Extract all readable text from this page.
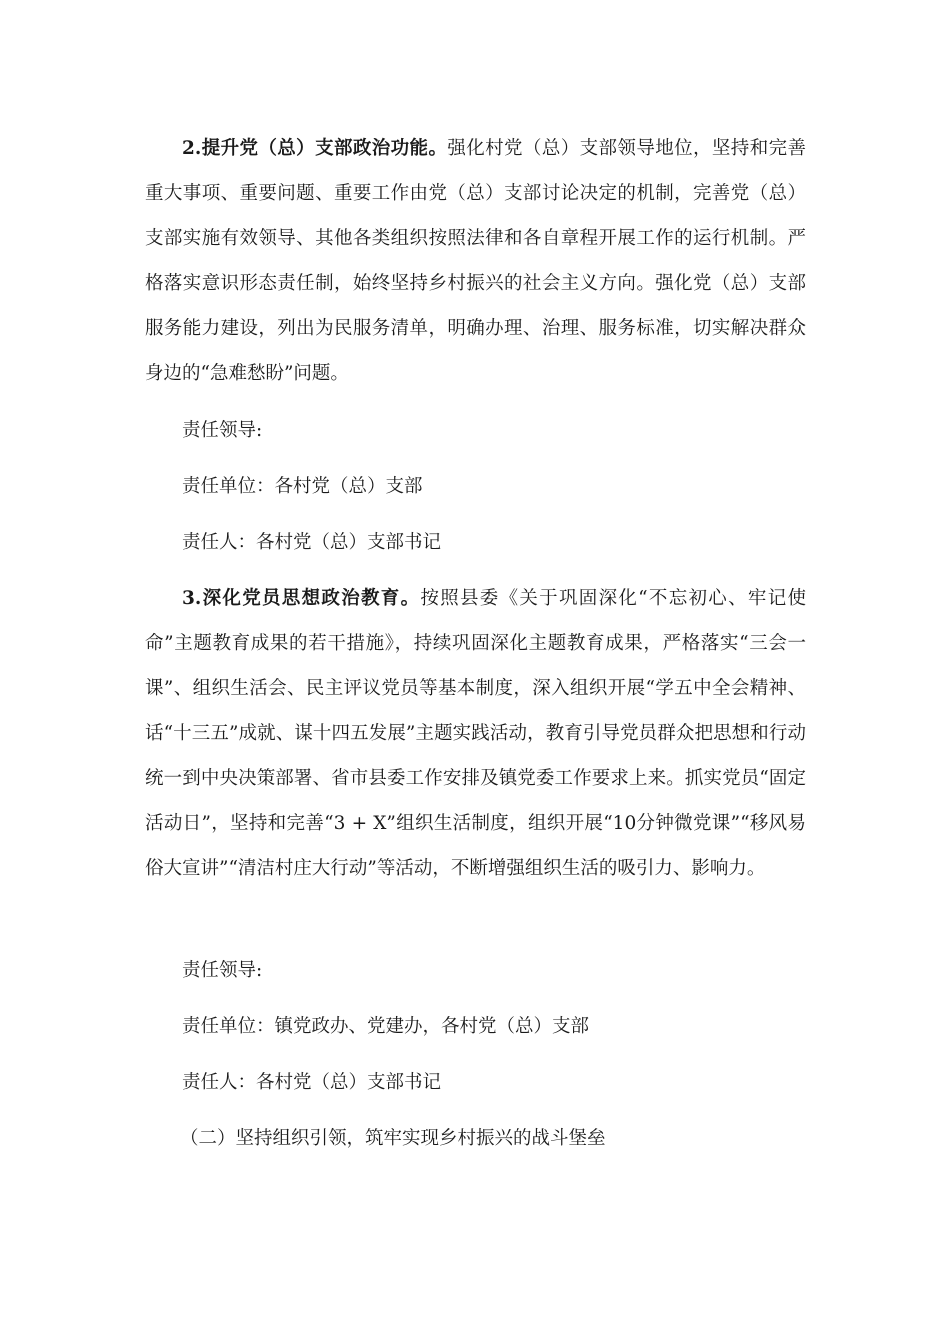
2.提升党（总）支部政治功能。强化村党（总）支部领导地位，坚持和完善重大事项、重要问题、重要工作由党（总）支部讨论决定的机制，完善党（总）支部实施有效领导、其他各类组织按照法律和各自章程开展工作的运行机制。严格落实意识形态责任制，始终坚持乡村振兴的社会主义方向。强化党（总）支部服务能力建设，列出为民服务清单，明确办理、治理、服务标准，切实解决群众身边的“急难愁盼”问题。

责任领导:

责任单位：各村党（总）支部

责任人：各村党（总）支部书记

3.深化党员思想政治教育。按照县委《关于巩固深化“不忘初心、牢记使命”主题教育成果的若干措施》，持续巩固深化主题教育成果，严格落实“三会一课”、组织生活会、民主评议党员等基本制度，深入组织开展“学五中全会精神、话“十三五”成就、谋十四五发展”主题实践活动，教育引导党员群众把思想和行动统一到中央决策部署、省市县委工作安排及镇党委工作要求上来。抓实党员“固定活动日”，坚持和完善“3 + X”组织生活制度，组织开展“10分钟微党课”“移风易俗大宣讲”“清洁村庄大行动”等活动，不断增强组织生活的吸引力、影响力。

责任领导:

责任单位：镇党政办、党建办，各村党（总）支部

责任人：各村党（总）支部书记

（二）坚持组织引领，筑牢实现乡村振兴的战斗堡垒
